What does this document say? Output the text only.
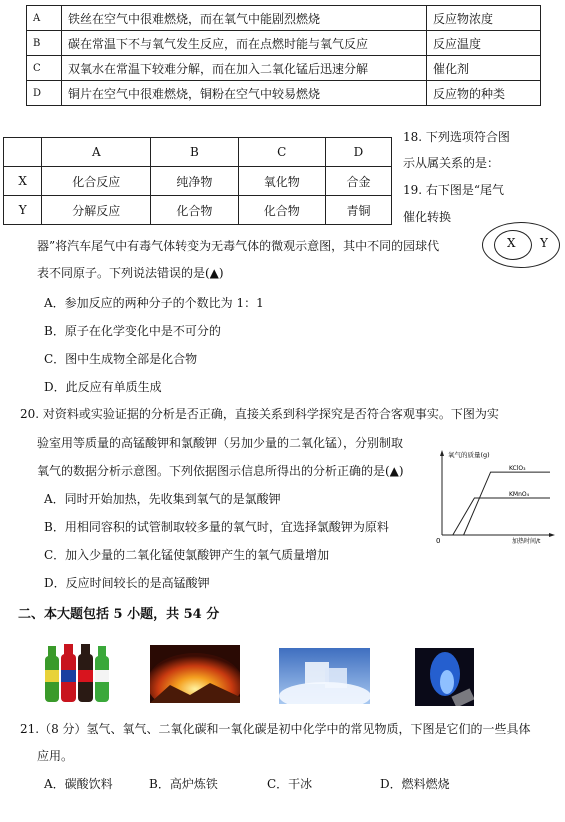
A	铁丝在空气中很难燃烧，而在氧气中能剧烈燃烧	反应物浓度
B	碳在常温下不与氧气发生反应，而在点燃时能与氧气反应	反应温度
C	双氧水在常温下较难分解，而在加入二氧化锰后迅速分解	催化剂
D	铜片在空气中很难燃烧，铜粉在空气中较易燃烧	反应物的种类
	A	B	C	D
X	化合反应	纯净物	氧化物	合金
Y	分解反应	化合物	化合物	青铜
18. 下列选项符合图
示从属关系的是：
19. 右下图是“尾气
催化转换
X Y
器”将汽车尾气中有毒气体转变为无毒气体的微观示意图，其中不同的园球代
表不同原子。下列说法错误的是(▲)
A．参加反应的两种分子的个数比为 1：1
B．原子在化学变化中是不可分的
C．图中生成物全部是化合物
D．此反应有单质生成
20. 对资料或实验证据的分析是否正确，直接关系到科学探究是否符合客观事实。下图为实
验室用等质量的高锰酸钾和氯酸钾（另加少量的二氧化锰），分别制取
氧气的数据分析示意图。下列依据图示信息所得出的分析正确的是(▲)
A．同时开始加热，先收集到氧气的是氯酸钾
B．用相同容积的试管制取较多量的氧气时，宜选择氯酸钾为原料
C．加入少量的二氧化锰使氯酸钾产生的氧气质量增加
D．反应时间较长的是高锰酸钾
氧气的质量(g)
加热时间/t
0
KClO₃
KMnO₄
二、本大题包括 5 小题，共 54 分
21.（8 分）氢气、氧气、二氧化碳和一氧化碳是初中化学中的常见物质，下图是它们的一些具体
应用。
A．碳酸饮料	B．高炉炼铁	C．干冰	D．燃料燃烧
